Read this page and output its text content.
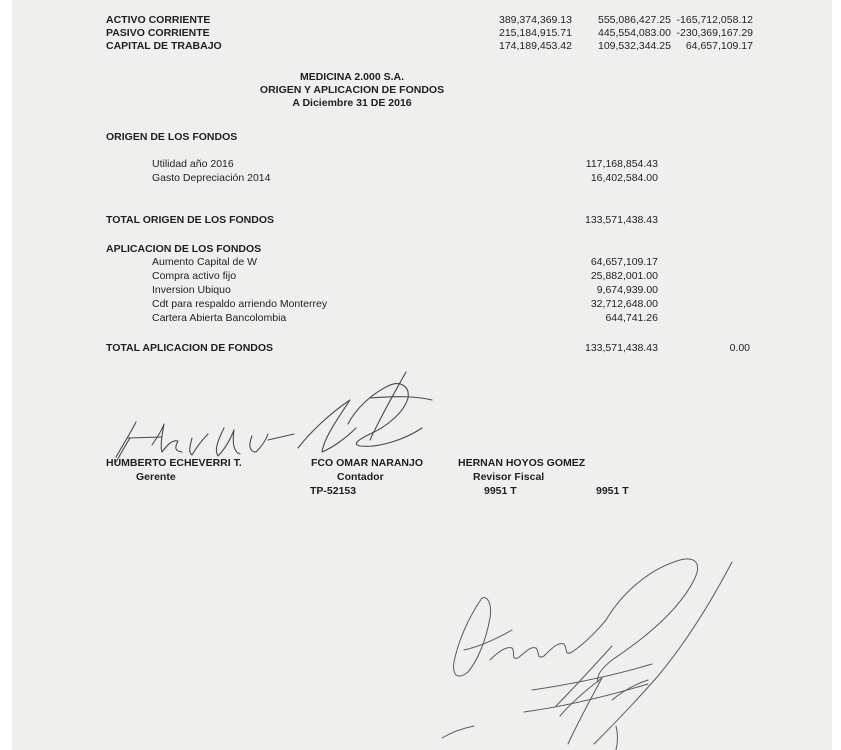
ACTIVO CORRIENTE	389,374,369.13	555,086,427.25 -165,712,058.12
PASIVO CORRIENTE	215,184,915.71	445,554,083.00 -230,369,167.29
CAPITAL DE TRABAJO	174,189,453.42	109,532,344.25	64,657,109.17
MEDICINA 2.000 S.A.
ORIGEN Y APLICACION DE FONDOS
A Diciembre 31 DE 2016
ORIGEN DE LOS FONDOS
Utilidad año 2016	117,168,854.43
Gasto Depreciación 2014	16,402,584.00
TOTAL ORIGEN DE LOS FONDOS	133,571,438.43
APLICACION DE LOS FONDOS
Aumento Capital de W	64,657,109.17
Compra activo fijo	25,882,001.00
Inversion Ubiquo	9,674,939.00
Cdt para respaldo arriendo Monterrey	32,712,648.00
Cartera Abierta Bancolombia	644,741.26
TOTAL APLICACION DE FONDOS	133,571,438.43	0.00
HUMBERTO ECHEVERRI T.
Gerente
FCO OMAR NARANJO
Contador
TP-52153
HERNAN HOYOS GOMEZ
Revisor Fiscal
9951 T	9951 T
